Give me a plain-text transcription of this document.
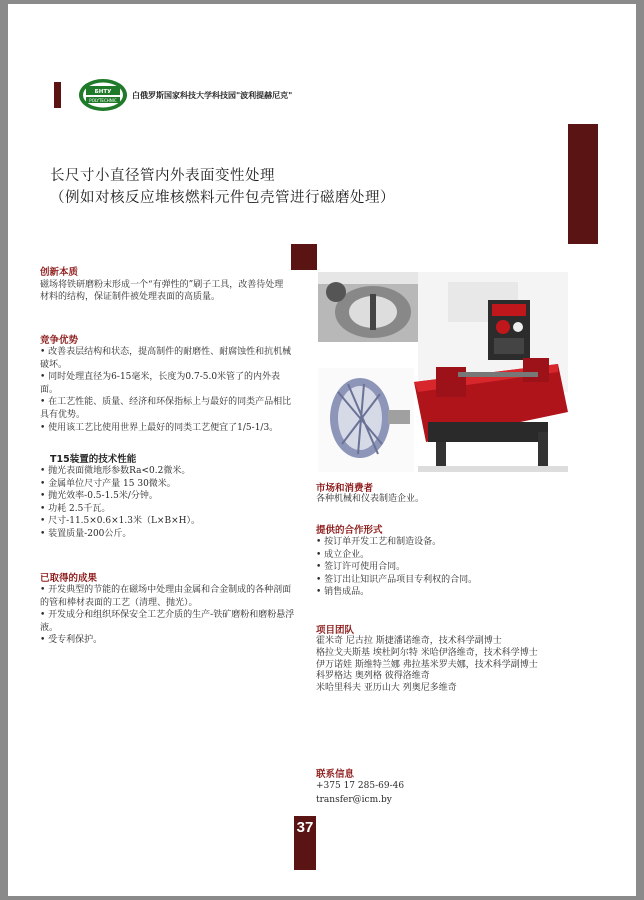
БНТУ
POLYTECHNIC
白俄罗斯国家科技大学科技园"波利提赫尼克"
长尺寸小直径管内外表面变性处理
（例如对核反应堆核燃料元件包壳管进行磁磨处理）
创新本质
磁场将铁研磨粉末形成一个“有弹性的”刷子工具，改善待处理材料的结构，保证制件被处理表面的高质量。
竞争优势
• 改善表层结构和状态，提高制件的耐磨性、耐腐蚀性和抗机械破坏。
• 同时处理直径为6-15毫米，长度为0.7-5.0米管了的内外表面。
• 在工艺性能、质量、经济和环保指标上与最好的同类产品相比具有优势。
• 使用该工艺比使用世界上最好的同类工艺便宜了1/5-1/3。
T15装置的技术性能
• 抛光表面微地形参数Ra<0.2微米。
• 金属单位尺寸产量 15 30微米。
• 抛光效率-0.5-1.5米/分钟。
• 功耗 2.5千瓦。
• 尺寸-11.5×0.6×1.3米（L×B×H）。
• 装置质量-200公斤。
已取得的成果
• 开发典型的节能的在磁场中处理由金属和合金制成的各种剖面的管和棒材表面的工艺（清理、抛光）。
• 开发成分和组织环保安全工艺介质的生产-铁矿磨粉和磨粉悬浮液。
• 受专利保护。
市场和消费者
各种机械和仪表制造企业。
提供的合作形式
• 按订单开发工艺和制造设备。
• 成立企业。
• 签订许可使用合同。
• 签订出让知识产品项目专利权的合同。
• 销售成品。
项目团队
霍米奇 尼古拉 斯捷潘诺维奇，技术科学副博士
格拉戈夫斯基 埃杜阿尔特 米哈伊洛维奇，技术科学博士
伊万诺娃 斯维特兰娜 弗拉基米罗夫娜，技术科学副博士
科罗格达 奥列格 彼得洛维奇
米哈里科夫 亚历山大 列奥尼多维奇
联系信息
+375 17 285-69-46
transfer@icm.by
37
